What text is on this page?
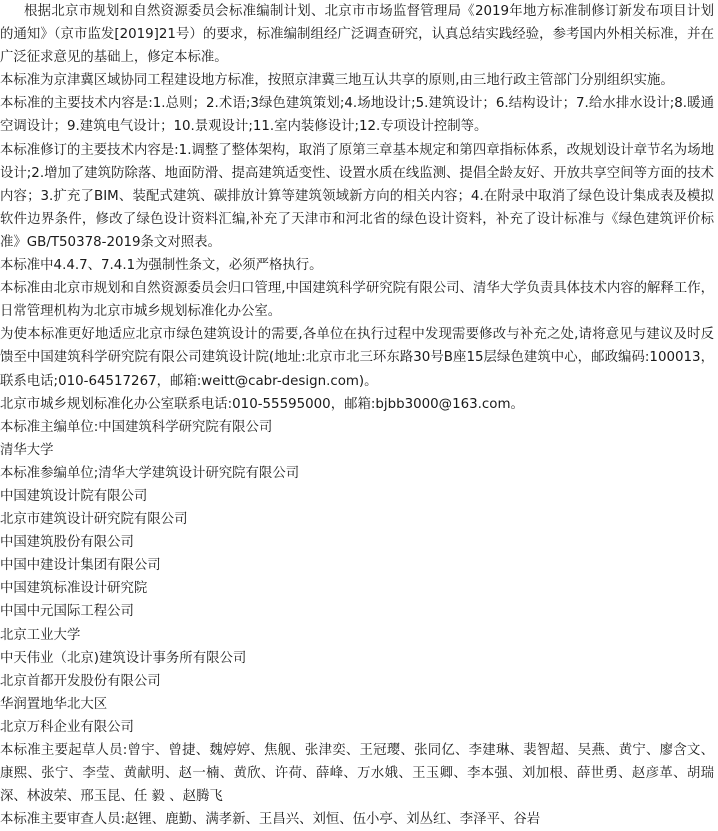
根据北京市规划和自然资源委员会标准编制计划、北京市市场监督管理局《2019年地方标准制修订新发布项目计划的通知》（京市监发[2019]21号）的要求，标准编制组经广泛调查研究，认真总结实践经验，参考国内外相关标准，并在广泛征求意见的基础上，修定本标准。

本标准为京津冀区域协同工程建设地方标准，按照京津冀三地互认共享的原则,由三地行政主管部门分别组织实施。

本标准的主要技术内容是:1.总则；2.术语;3绿色建筑策划;4.场地设计;5.建筑设计；6.结构设计；7.给水排水设计;8.暖通空调设计；9.建筑电气设计；10.景观设计;11.室内装修设计;12.专项设计控制等。

本标准修订的主要技术内容是:1.调整了整体架构，取消了原第三章基本规定和第四章指标体系，改规划设计章节名为场地设计;2.增加了建筑防除落、地面防滑、提高建筑适变性、设置水质在线监测、提倡全龄友好、开放共享空间等方面的技术内容；3.扩充了BIM、装配式建筑、碳排放计算等建筑领域新方向的相关内容；4.在附录中取消了绿色设计集成表及模拟软件边界条件，修改了绿色设计资料汇编,补充了天津市和河北省的绿色设计资料，补充了设计标准与《绿色建筑评价标准》GB/T50378-2019条文对照表。

本标准中4.4.7、7.4.1为强制性条文，必须严格执行。

本标准由北京市规划和自然资源委员会归口管理,中国建筑科学研究院有限公司、清华大学负责具体技术内容的解释工作，日常管理机构为北京市城乡规划标准化办公室。

为使本标准更好地适应北京市绿色建筑设计的需要,各单位在执行过程中发现需要修改与补充之处,请将意见与建议及时反馈至中国建筑科学研究院有限公司建筑设计院(地址:北京市北三环东路30号B座15层绿色建筑中心，邮政编码:100013，联系电话;010-64517267，邮箱:weitt@cabr-design.com)。

北京市城乡规划标准化办公室联系电话:010-55595000，邮箱:bjbb3000@163.com。

本标准主编单位:中国建筑科学研究院有限公司

清华大学

本标准参编单位;清华大学建筑设计研究院有限公司

中国建筑设计院有限公司

北京市建筑设计研究院有限公司

中国建筑股份有限公司

中国中建设计集团有限公司

中国建筑标准设计研究院

中国中元国际工程公司

北京工业大学

中天伟业（北京)建筑设计事务所有限公司

北京首都开发股份有限公司

华润置地华北大区

北京万科企业有限公司

本标准主要起草人员:曾宇、曾捷、魏婷婷、焦舰、张津奕、王冠璎、张同亿、李建琳、裴智超、吴燕、黄宁、廖含文、康熙、张宁、李莹、黄献明、赵一楠、黄欣、许荷、薛峰、万水娥、王玉卿、李本强、刘加根、薛世勇、赵彦革、胡瑞深、林波荣、邢玉昆、任 毅 、赵腾飞

本标准主要审查人员:赵锂、鹿勤、满孝新、王昌兴、刘恒、伍小亭、刘丛红、李泽平、谷岩
